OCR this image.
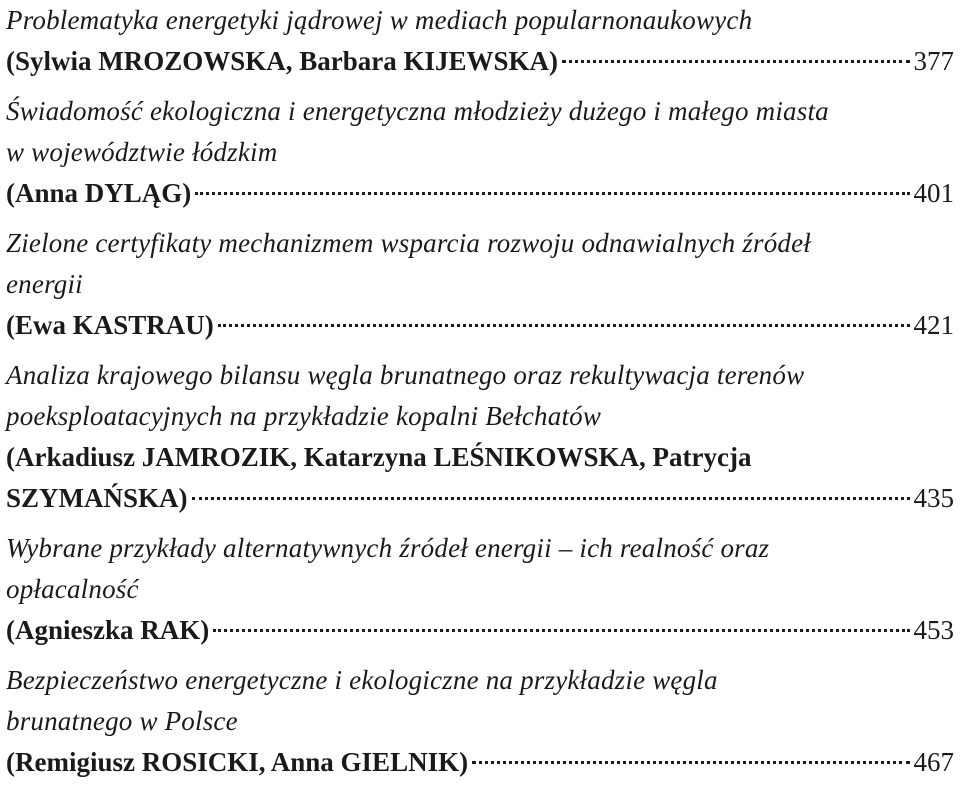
Problematyka energetyki jądrowej w mediach popularnonaukowych
(Sylwia MROZOWSKA, Barbara KIJEWSKA)	377
Świadomość ekologiczna i energetyczna młodzieży dużego i małego miasta
w województwie łódzkim
(Anna DYLĄG)	401
Zielone certyfikaty mechanizmem wsparcia rozwoju odnawialnych źródeł
energii
(Ewa KASTRAU)	421
Analiza krajowego bilansu węgla brunatnego oraz rekultywacja terenów
poeksploatacyjnych na przykładzie kopalni Bełchatów
(Arkadiusz JAMROZIK, Katarzyna LEŚNIKOWSKA, Patrycja
SZYMAŃSKA)	435
Wybrane przykłady alternatywnych źródeł energii – ich realność oraz
opłacalność
(Agnieszka RAK)	453
Bezpieczeństwo energetyczne i ekologiczne na przykładzie węgla
brunatnego w Polsce
(Remigiusz ROSICKI, Anna GIELNIK)	467
